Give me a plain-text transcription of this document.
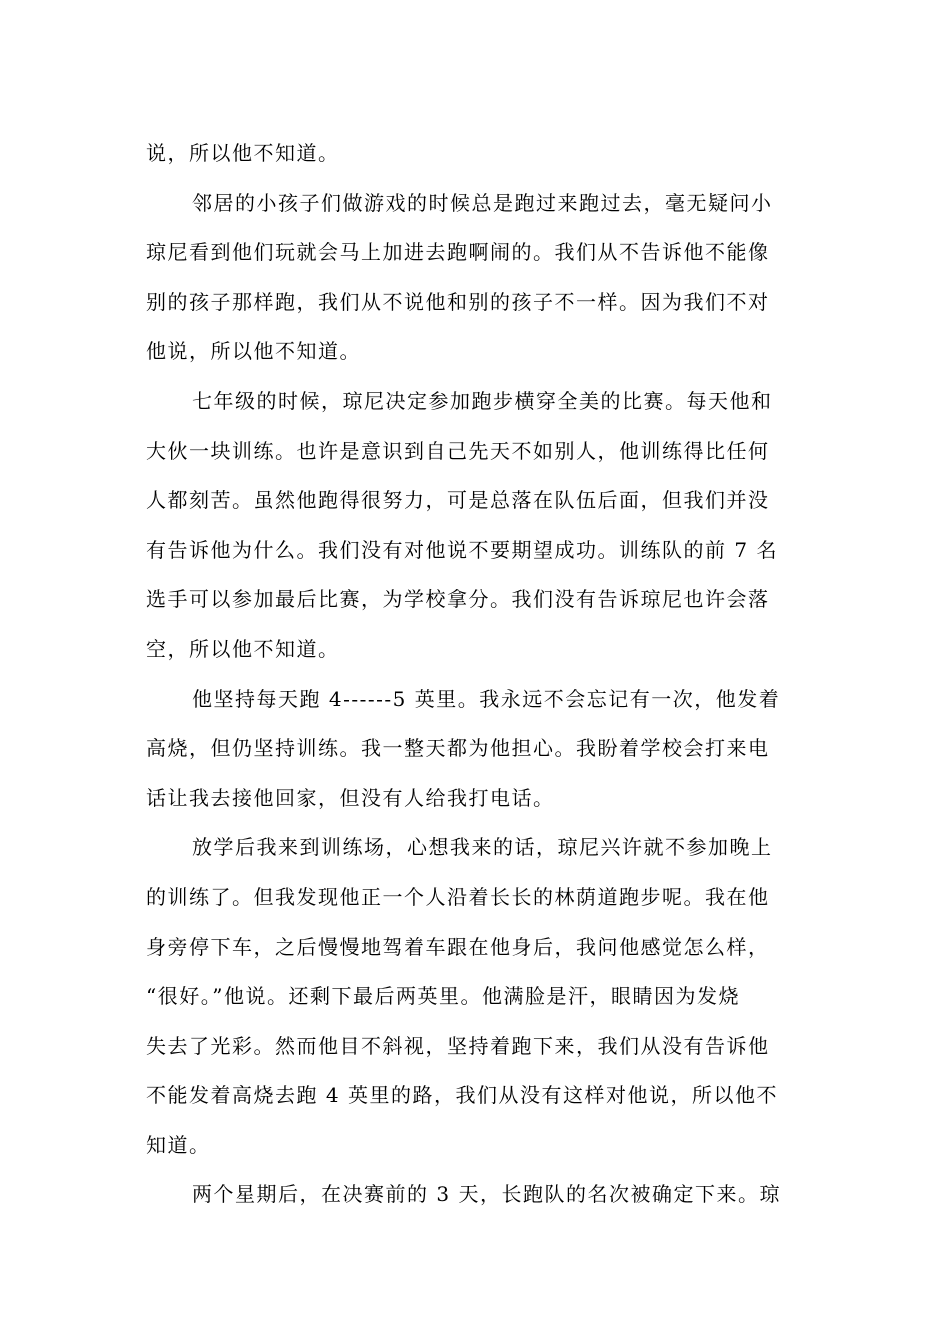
说，所以他不知道。
邻居的小孩子们做游戏的时候总是跑过来跑过去，毫无疑问小
琼尼看到他们玩就会马上加进去跑啊闹的。我们从不告诉他不能像
别的孩子那样跑，我们从不说他和别的孩子不一样。因为我们不对
他说，所以他不知道。
七年级的时候，琼尼决定参加跑步横穿全美的比赛。每天他和
大伙一块训练。也许是意识到自己先天不如别人，他训练得比任何
人都刻苦。虽然他跑得很努力，可是总落在队伍后面，但我们并没
有告诉他为什么。我们没有对他说不要期望成功。训练队的前 7 名
选手可以参加最后比赛，为学校拿分。我们没有告诉琼尼也许会落
空，所以他不知道。
他坚持每天跑 4------5 英里。我永远不会忘记有一次，他发着
高烧，但仍坚持训练。我一整天都为他担心。我盼着学校会打来电
话让我去接他回家，但没有人给我打电话。
放学后我来到训练场，心想我来的话，琼尼兴许就不参加晚上
的训练了。但我发现他正一个人沿着长长的林荫道跑步呢。我在他
身旁停下车，之后慢慢地驾着车跟在他身后，我问他感觉怎么样，
“很好。”他说。还剩下最后两英里。他满脸是汗，眼睛因为发烧
失去了光彩。然而他目不斜视，坚持着跑下来，我们从没有告诉他
不能发着高烧去跑 4 英里的路，我们从没有这样对他说，所以他不
知道。
两个星期后，在决赛前的 3 天，长跑队的名次被确定下来。琼
